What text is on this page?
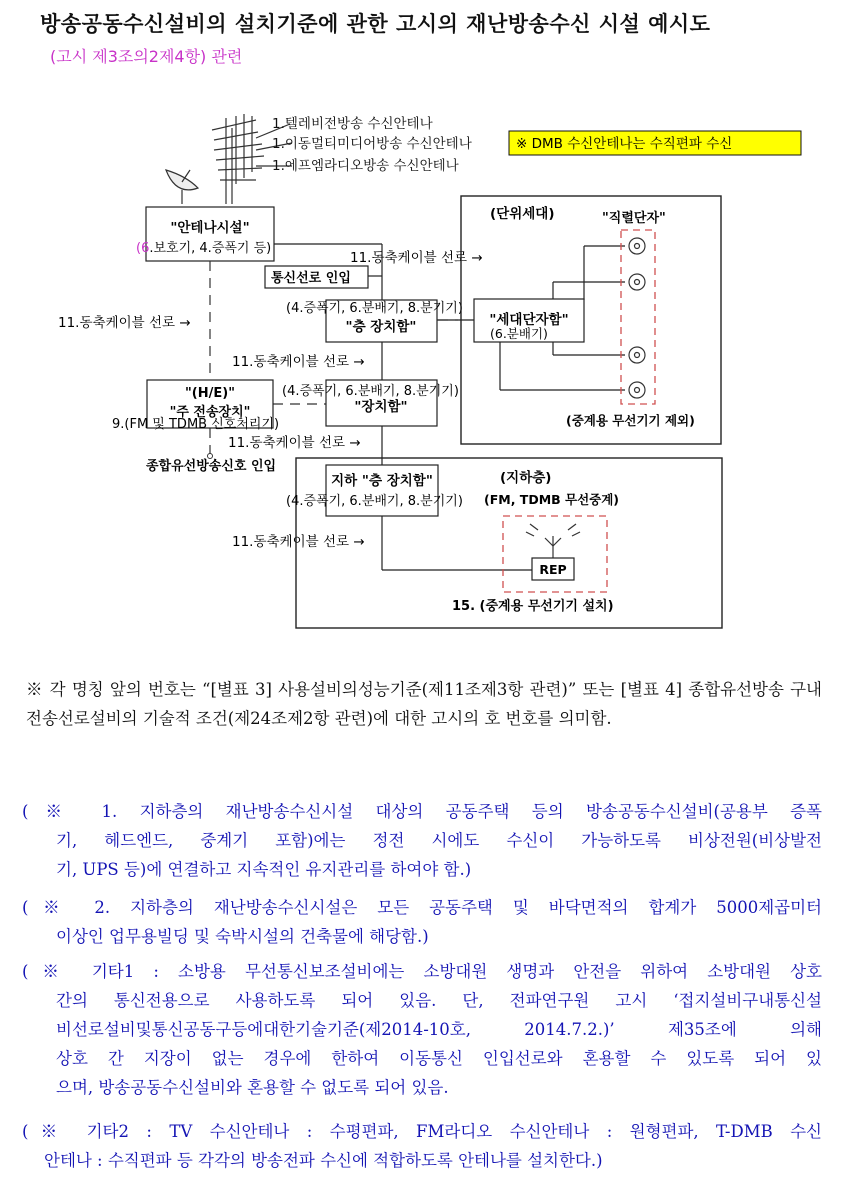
방송공동수신설비의 설치기준에 관한 고시의 재난방송수신 시설 예시도
(고시 제3조의2제4항) 관련
1.텔레비전방송 수신안테나
1.이동멀티미디어방송 수신안테나
1.에프엠라디오방송 수신안테나
※ DMB 수신안테나는 수직편파 수신
"안테나시설"
(6.보호기, 4.증폭기 등)
통신선로 인입
11.동축케이블 선로 →
11.동축케이블 선로 →
11.동축케이블 선로 →
11.동축케이블 선로 →
11.동축케이블 선로 →
(4.증폭기, 6.분배기, 8.분기기)
"층 장치함"
(4.증폭기, 6.분배기, 8.분기기)
"장치함"
"(H/E)"
"주 전송장치"
9.(FM 및 TDMB 신호처리기)
종합유선방송신호 인입
(단위세대)	"직렬단자"
"세대단자함"
(6.분배기)
(중계용 무선기기 제외)
지하 "층 장치함"
(4.증폭기, 6.분배기, 8.분기기)
(지하층)
(FM, TDMB 무선중계)
REP
15. (중계용 무선기기 설치)
※ 각 명칭 앞의 번호는 “[별표 3] 사용설비의성능기준(제11조제3항 관련)” 또는 [별표 4] 종합유선방송 구내전송선로설비의 기술적 조건(제24조제2항 관련)에 대한 고시의 호 번호를 의미함.
(※ 1. 지하층의 재난방송수신시설 대상의 공동주택 등의 방송공동수신설비(공용부 증폭
기, 헤드엔드, 중계기 포함)에는 정전 시에도 수신이 가능하도록 비상전원(비상발전
기, UPS 등)에 연결하고 지속적인 유지관리를 하여야 함.)
(※ 2. 지하층의 재난방송수신시설은 모든 공동주택 및 바닥면적의 합계가 5000제곱미터
이상인 업무용빌딩 및 숙박시설의 건축물에 해당함.)
(※ 기타1 : 소방용 무선통신보조설비에는 소방대원 생명과 안전을 위하여 소방대원 상호
간의 통신전용으로 사용하도록 되어 있음. 단, 전파연구원 고시 ‘접지설비구내통신설
비선로설비및통신공동구등에대한기술기준(제2014-10호, 2014.7.2.)’ 제35조에 의해
상호 간 지장이 없는 경우에 한하여 이동통신 인입선로와 혼용할 수 있도록 되어 있
으며, 방송공동수신설비와 혼용할 수 없도록 되어 있음.
(※ 기타2 : TV 수신안테나 : 수평편파, FM라디오 수신안테나 : 원형편파, T-DMB 수신
안테나 : 수직편파 등 각각의 방송전파 수신에 적합하도록 안테나를 설치한다.)
